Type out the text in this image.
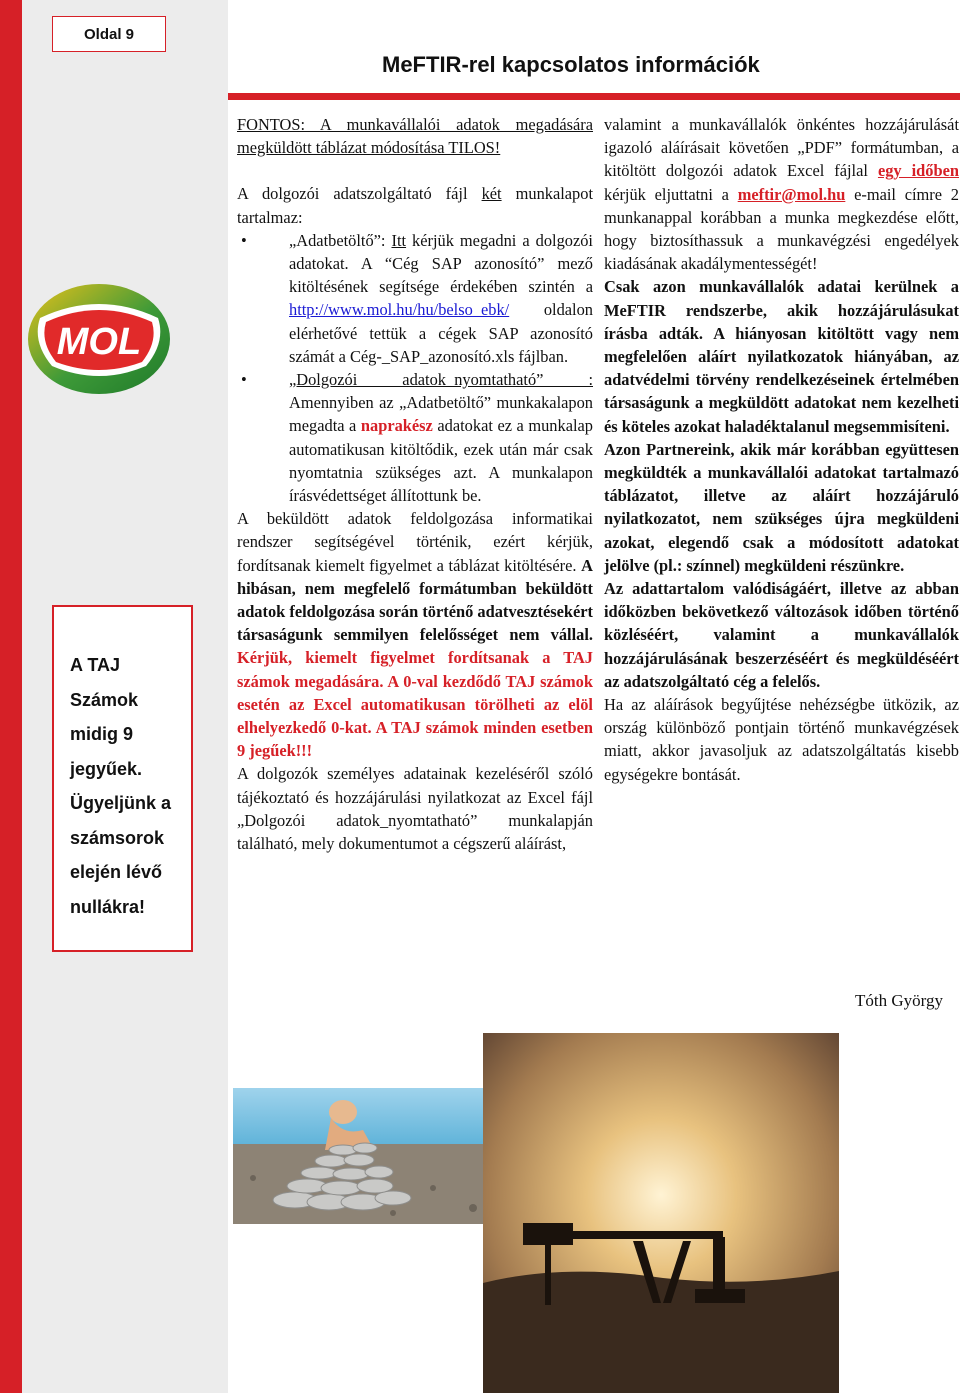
Oldal 9
MeFTIR-rel kapcsolatos információk
MOL
A TAJ
Számok
midig 9
jegyűek.
Ügyeljünk a
számsorok
elején lévő
nullákra!

FONTOS: A munkavállalói adatok megadására megküldött táblázat módosítása TILOS!

A dolgozói adatszolgáltató fájl két munkalapot tartalmaz:

•	„Adatbetöltő”: Itt kérjük megadni a dolgozói adatokat. A “Cég SAP azonosító” mező kitöltésének segítsége érdekében szintén a http://www.mol.hu/hu/belso_ebk/ oldalon elérhetővé tettük a cégek SAP azonosító számát a Cég-_SAP_azonosító.xls fájlban.
•	„Dolgozói adatok_nyomtatható” : Amennyiben az „Adatbetöltő” munkakalapon megadta a naprakész adatokat ez a munkalap automatikusan kitöltődik, ezek után már csak nyomtatnia szükséges azt. A munkalapon írásvédettséget állítottunk be.

A beküldött adatok feldolgozása informatikai rendszer segítségével történik, ezért kérjük, fordítsanak kiemelt figyelmet a táblázat kitöltésére. A hibásan, nem megfelelő formátumban beküldött adatok feldolgozása során történő adatvesztésekért társaságunk semmilyen felelősséget nem vállal. Kérjük, kiemelt figyelmet fordítsanak a TAJ számok megadására. A 0-val kezdődő TAJ számok esetén az Excel automatikusan törölheti az elöl elhelyezkedő 0-kat. A TAJ számok minden esetben 9 jegűek!!!

A dolgozók személyes adatainak kezeléséről szóló tájékoztató és hozzájárulási nyilatkozat az Excel fájl „Dolgozói adatok_nyomtatható” munkalapján található, mely dokumentumot a cégszerű aláírást,

valamint a munkavállalók önkéntes hozzájárulását igazoló aláírásait követően „PDF” formátumban, a kitöltött dolgozói adatok Excel fájlal egy időben kérjük eljuttatni a meftir@mol.hu e-mail címre 2 munkanappal korábban a munka megkezdése előtt, hogy biztosíthassuk a munkavégzési engedélyek kiadásának akadálymentességét!

Csak azon munkavállalók adatai kerülnek a MeFTIR rendszerbe, akik hozzájárulásukat írásba adták. A hiányosan kitöltött vagy nem megfelelően aláírt nyilatkozatok hiányában, az adatvédelmi törvény rendelkezéseinek értelmében társaságunk a megküldött adatokat nem kezelheti és köteles azokat haladéktalanul megsemmisíteni.

Azon Partnereink, akik már korábban együttesen megküldték a munkavállalói adatokat tartalmazó táblázatot, illetve az aláírt hozzájáruló nyilatkozatot, nem szükséges újra megküldeni azokat, elegendő csak a módosított adatokat jelölve (pl.: színnel) megküldeni részünkre.

Az adattartalom valódiságáért, illetve az abban időközben bekövetkező változások időben történő közléséért, valamint a munkavállalók hozzájárulásának beszerzéséért és megküldéséért az adatszolgáltató cég a felelős.

Ha az aláírások begyűjtése nehézségbe ütközik, az ország különböző pontjain történő munkavégzések miatt, akkor javasoljuk az adatszolgáltatás kisebb egységekre bontását.

Tóth György
